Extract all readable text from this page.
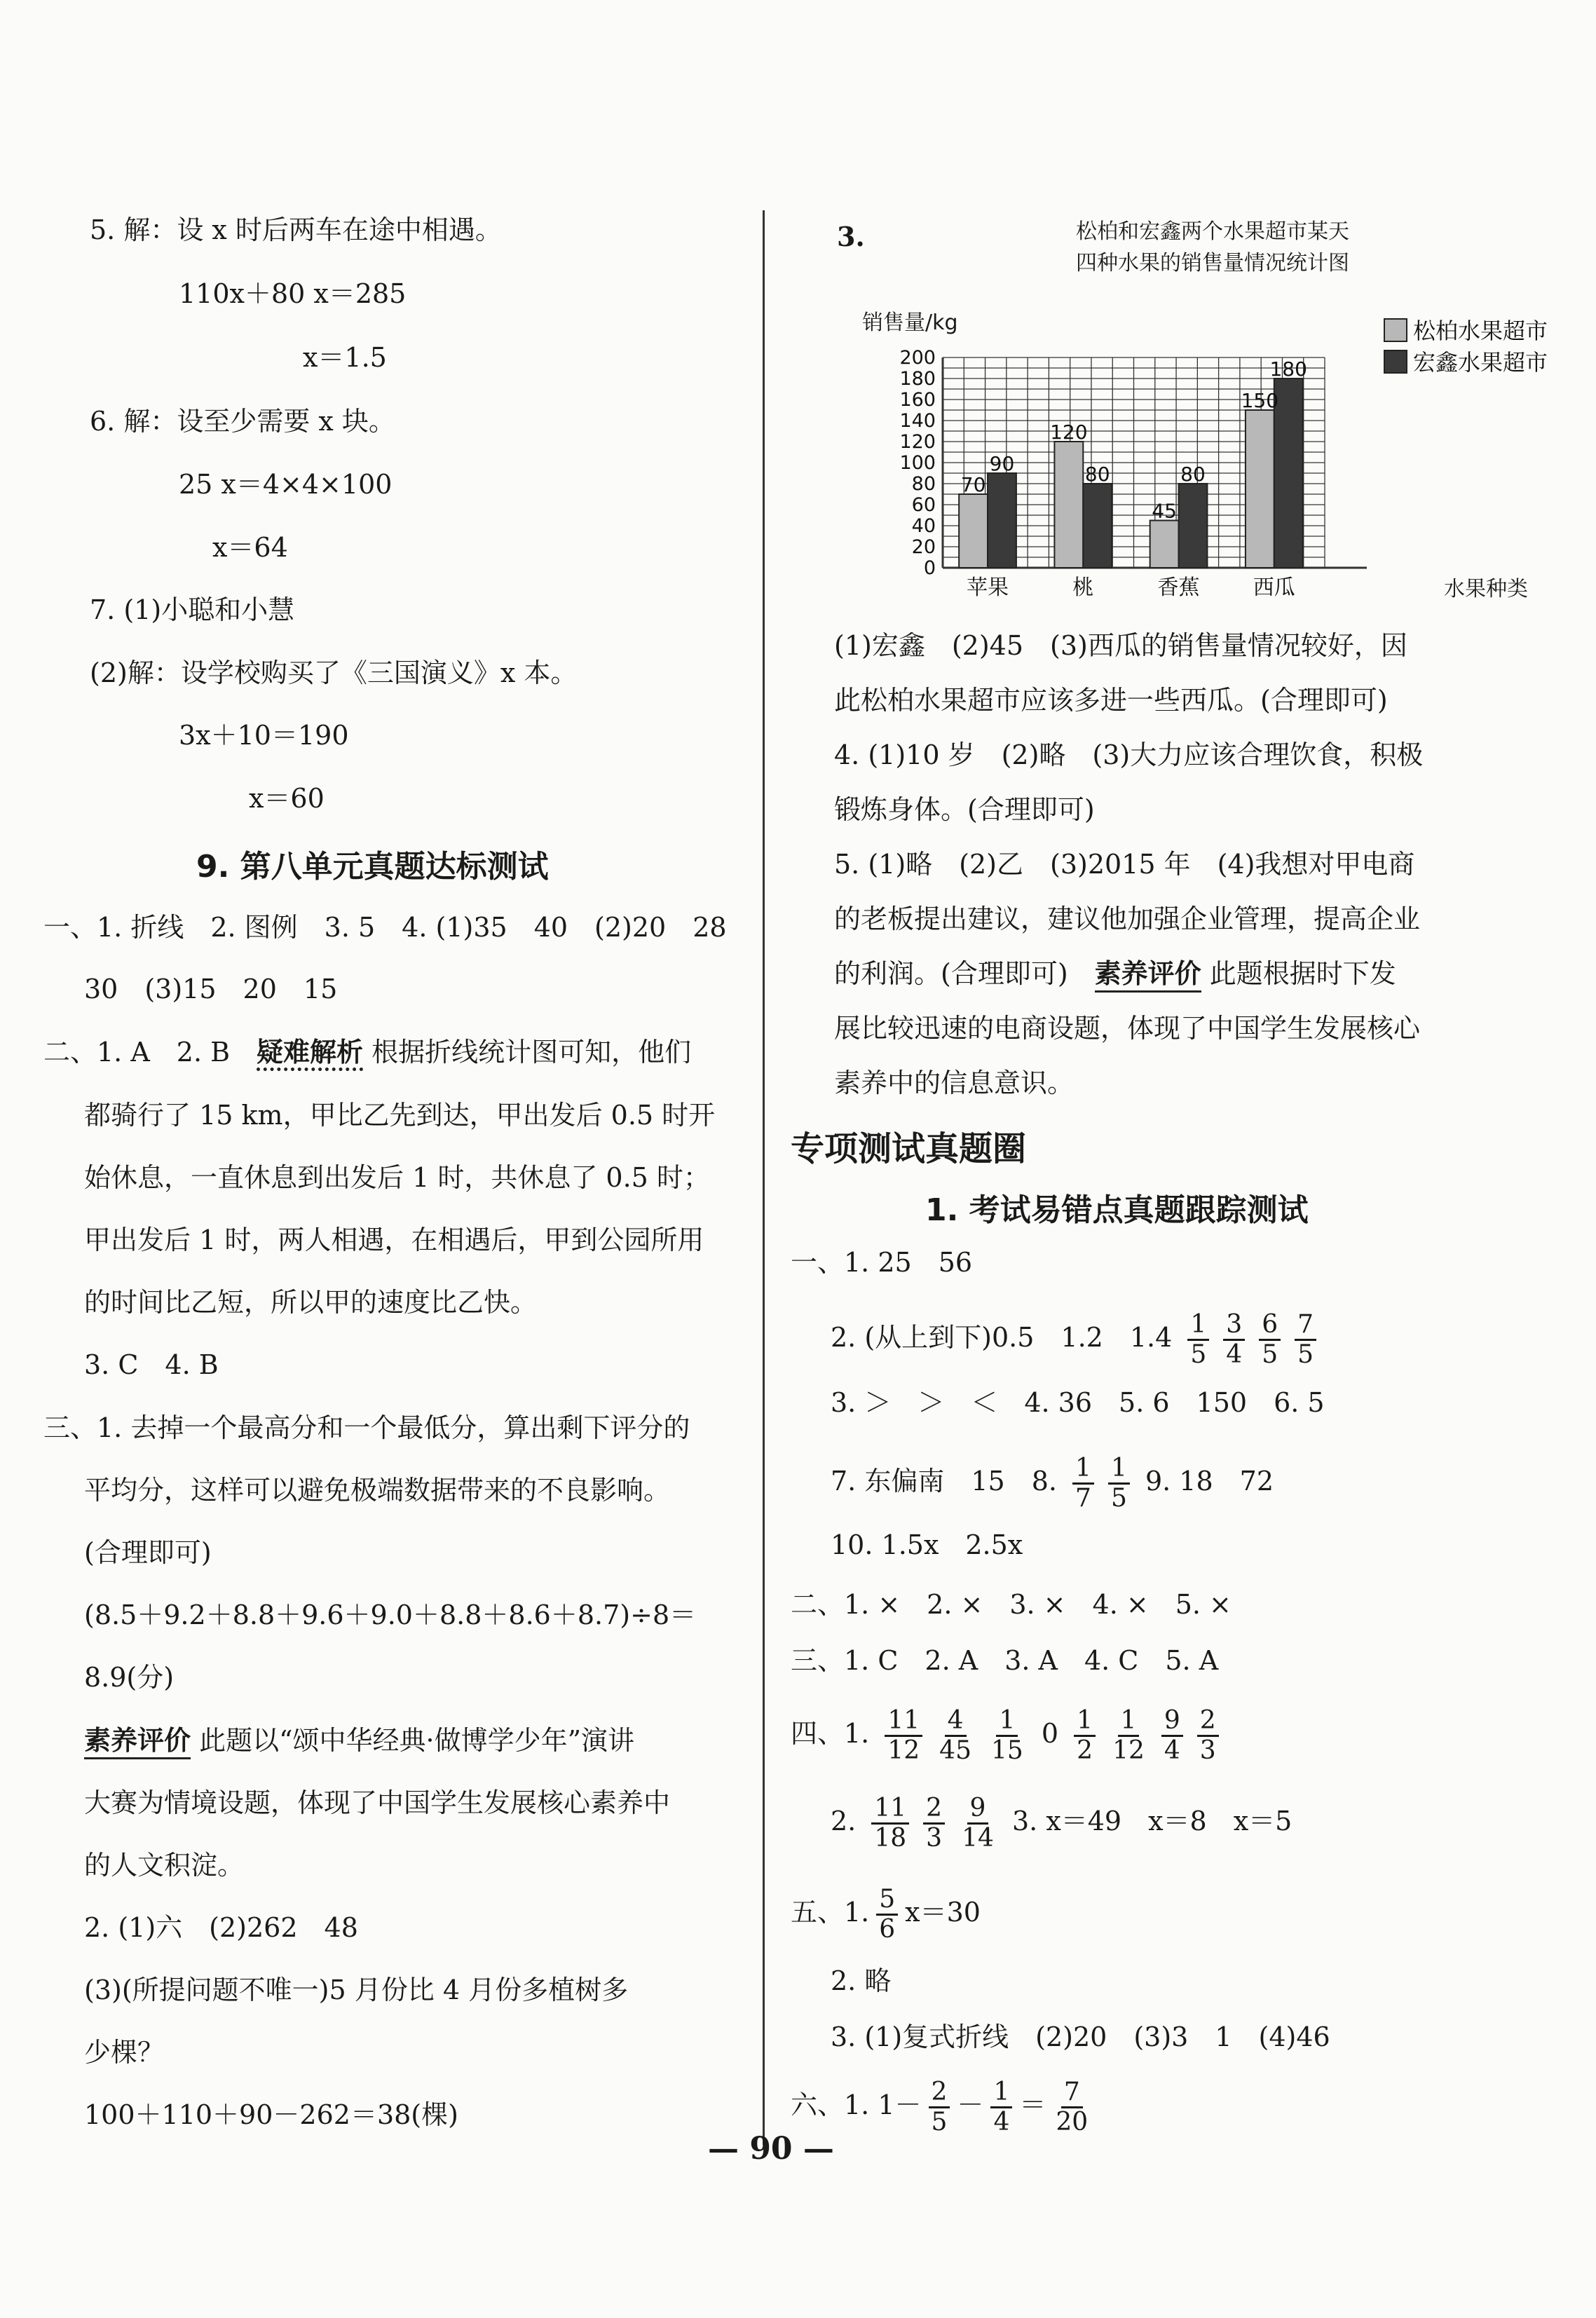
5. 解：设 x 时后两车在途中相遇。
110x＋80 x＝285
x＝1.5
6. 解：设至少需要 x 块。
25 x＝4×4×100
x＝64
7. (1)小聪和小慧
(2)解：设学校购买了《三国演义》x 本。
3x＋10＝190
x＝60
9. 第八单元真题达标测试
一、1. 折线　2. 图例　3. 5　4. (1)35　40　(2)20　28
30　(3)15　20　15
二、1. A　2. B　疑难解析 根据折线统计图可知，他们
都骑行了 15 km，甲比乙先到达，甲出发后 0.5 时开
始休息，一直休息到出发后 1 时，共休息了 0.5 时；
甲出发后 1 时，两人相遇，在相遇后，甲到公园所用
的时间比乙短，所以甲的速度比乙快。
3. C　4. B
三、1. 去掉一个最高分和一个最低分，算出剩下评分的
平均分，这样可以避免极端数据带来的不良影响。
(合理即可)
(8.5＋9.2＋8.8＋9.6＋9.0＋8.8＋8.6＋8.7)÷8＝
8.9(分)
素养评价 此题以“颂中华经典·做博学少年”演讲
大赛为情境设题，体现了中国学生发展核心素养中
的人文积淀。
2. (1)六　(2)262　48
(3)(所提问题不唯一)5 月份比 4 月份多植树多
少棵？
100＋110＋90－262＝38(棵)
3.	松柏和宏鑫两个水果超市某天
四种水果的销售量情况统计图
销售量/kg
0
20
40
60
80
100
120
140
160
180
200
70
90
苹果
120
80
桃
45
80
香蕉
150
180
西瓜	水果种类
松柏水果超市
宏鑫水果超市
(1)宏鑫　(2)45　(3)西瓜的销售量情况较好，因
此松柏水果超市应该多进一些西瓜。(合理即可)
4. (1)10 岁　(2)略　(3)大力应该合理饮食，积极
锻炼身体。(合理即可)
5. (1)略　(2)乙　(3)2015 年　(4)我想对甲电商
的老板提出建议，建议他加强企业管理，提高企业
的利润。(合理即可)　 素养评价 此题根据时下发
展比较迅速的电商设题，体现了中国学生发展核心
素养中的信息意识。
专项测试真题圈
1. 考试易错点真题跟踪测试
一、1. 25　56
2. (从上到下)0.5　1.2　$1.4 \frac{1}{5} \frac{3}{4} \frac{6}{5} \frac{7}{5}$
3. ＞　＞　＜　4. 36　5. 6　150　6. 5
7. 东偏南　15　8. $\frac{1}{7} \frac{1}{5} 9$. 18　72
10. 1.5x　2.5x
二、1. ×　2. ×　3. ×　4. ×　5. ×
三、1. C　2. A　3. A　4. C　5. A
四、1. $\frac{11}{12} \frac{4}{45} \frac{1}{15} 0 \frac{1}{2} \frac{1}{12} \frac{9}{4} \frac{2}{3}$
2. $\frac{11}{18} \frac{2}{3} \frac{9}{14} 3$. x＝49　x＝8　x＝5
五、1. $\frac{5}{6} x=30$
2. 略
3. (1)复式折线　(2)20　(3)3　1　(4)46
六、1. $1- \frac{2}{5} - \frac{1}{4} = \frac{7}{20}$
— 90 —
